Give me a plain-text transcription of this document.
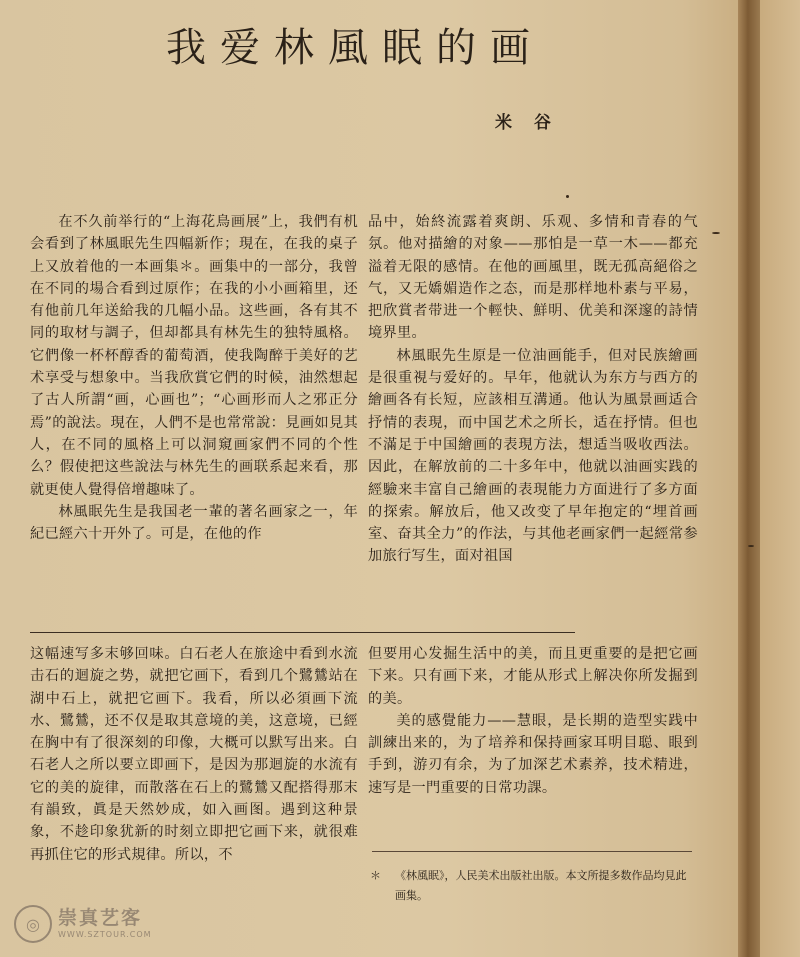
我爱林風眠的画
米 谷

在不久前举行的“上海花鳥画展”上，我們有机会看到了林風眠先生四幅新作；現在，在我的桌子上又放着他的一本画集＊。画集中的一部分，我曾在不同的場合看到过原作；在我的小小画箱里，还有他前几年送給我的几幅小品。这些画，各有其不同的取材与調子，但却都具有林先生的独特風格。它們像一杯杯醇香的葡萄酒，使我陶醉于美好的艺术享受与想象中。当我欣賞它們的时候，油然想起了古人所謂“画，心画也”；“心画形而人之邪正分焉”的說法。現在，人們不是也常常說：見画如見其人，在不同的風格上可以洞窺画家們不同的个性么？假使把这些說法与林先生的画联系起来看，那就更使人覺得倍增趣味了。

林風眠先生是我国老一輩的著名画家之一，年紀已經六十开外了。可是，在他的作

品中，始終流露着爽朗、乐观、多情和青春的气氛。他对描繪的对象——那怕是一草一木——都充溢着无限的感情。在他的画風里，既无孤高絕俗之气，又无嬌媚造作之态，而是那样地朴素与平易，把欣賞者带进一个輕快、鮮明、优美和深邃的詩情境界里。

林風眠先生原是一位油画能手，但对民族繪画是很重視与爱好的。早年，他就认为东方与西方的繪画各有长短，应該相互溝通。他认为風景画适合抒情的表現，而中国艺术之所长，适在抒情。但也不滿足于中国繪画的表現方法，想适当吸收西法。因此，在解放前的二十多年中，他就以油画实践的經驗来丰富自己繪画的表現能力方面进行了多方面的探索。解放后，他又改变了早年抱定的“埋首画室、奋其全力”的作法，与其他老画家們一起經常参加旅行写生，面对祖国

这幅速写多末够回味。白石老人在旅途中看到水流击石的迴旋之势，就把它画下，看到几个鷺鷥站在湖中石上，就把它画下。我看，所以必須画下流水、鷺鷥，还不仅是取其意境的美，这意境，已經在胸中有了很深刻的印像，大概可以默写出来。白石老人之所以要立即画下，是因为那迴旋的水流有它的美的旋律，而散落在石上的鷺鷥又配搭得那末有韻致，眞是天然妙成，如入画图。遇到这种景象，不趁印象犹新的时刻立即把它画下来，就很难再抓住它的形式規律。所以，不

但要用心发掘生活中的美，而且更重要的是把它画下来。只有画下来，才能从形式上解决你所发掘到的美。

美的感覺能力——慧眼，是长期的造型实践中訓練出来的，为了培养和保持画家耳明目聪、眼到手到，游刃有余，为了加深艺术素养，技术精进，速写是一門重要的日常功課。

＊ 《林風眠》，人民美术出版社出版。本文所提多数作品均見此画集。
◎ 崇真艺客
WWW.SZTOUR.COM
